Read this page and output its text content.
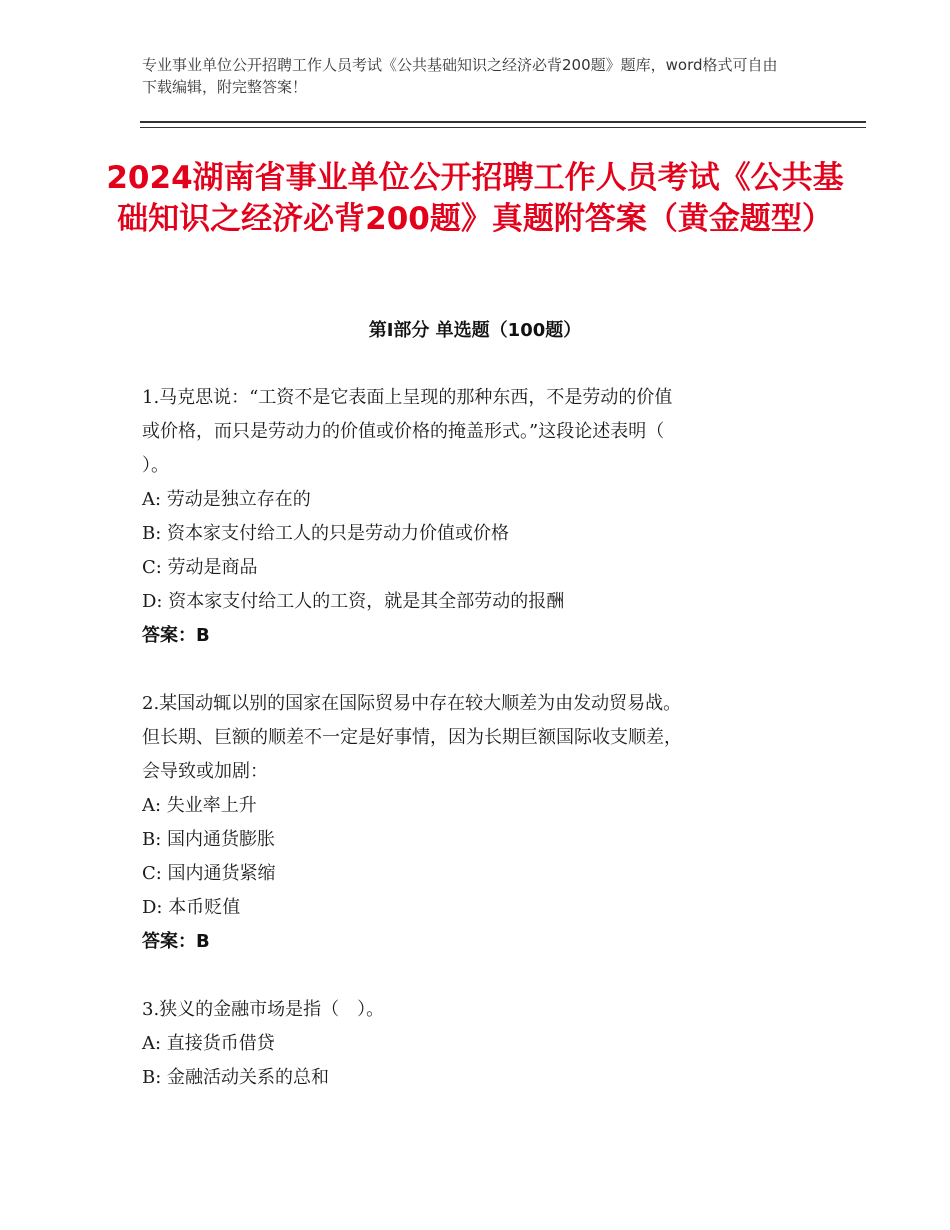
专业事业单位公开招聘工作人员考试《公共基础知识之经济必背200题》题库，word格式可自由下载编辑，附完整答案！
2024湖南省事业单位公开招聘工作人员考试《公共基础知识之经济必背200题》真题附答案（黄金题型）
第Ⅰ部分 单选题（100题）

1.马克思说：“工资不是它表面上呈现的那种东西，不是劳动的价值

或价格，而只是劳动力的价值或价格的掩盖形式。”这段论述表明（

）。

A: 劳动是独立存在的

B: 资本家支付给工人的只是劳动力价值或价格

C: 劳动是商品

D: 资本家支付给工人的工资，就是其全部劳动的报酬

答案：B

2.某国动辄以别的国家在国际贸易中存在较大顺差为由发动贸易战。

但长期、巨额的顺差不一定是好事情，因为长期巨额国际收支顺差，

会导致或加剧：

A: 失业率上升

B: 国内通货膨胀

C: 国内通货紧缩

D: 本币贬值

答案：B

3.狭义的金融市场是指（　）。

A: 直接货币借贷

B: 金融活动关系的总和
